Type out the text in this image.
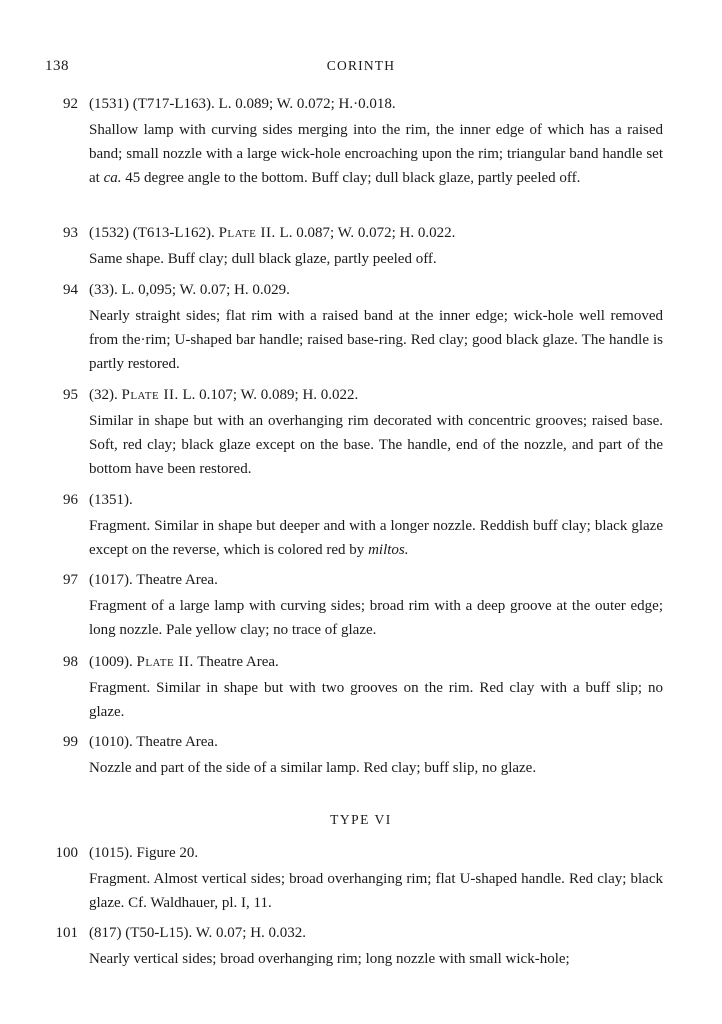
138	CORINTH
92 (1531) (T717-L163). L. 0.089; W. 0.072; H.·0.018.
Shallow lamp with curving sides merging into the rim, the inner edge of which has a raised band; small nozzle with a large wick-hole encroaching upon the rim; triangular band handle set at ca. 45 degree angle to the bottom. Buff clay; dull black glaze, partly peeled off.
93 (1532) (T613-L162). Plate II. L. 0.087; W. 0.072; H. 0.022.
Same shape. Buff clay; dull black glaze, partly peeled off.
94 (33). L. 0,095; W. 0.07; H. 0.029.
Nearly straight sides; flat rim with a raised band at the inner edge; wick-hole well removed from the·rim; U-shaped bar handle; raised base-ring. Red clay; good black glaze. The handle is partly restored.
95 (32). Plate II. L. 0.107; W. 0.089; H. 0.022.
Similar in shape but with an overhanging rim decorated with concentric grooves; raised base. Soft, red clay; black glaze except on the base. The handle, end of the nozzle, and part of the bottom have been restored.
96 (1351).
Fragment. Similar in shape but deeper and with a longer nozzle. Reddish buff clay; black glaze except on the reverse, which is colored red by miltos.
97 (1017). Theatre Area.
Fragment of a large lamp with curving sides; broad rim with a deep groove at the outer edge; long nozzle. Pale yellow clay; no trace of glaze.
98 (1009). Plate II. Theatre Area.
Fragment. Similar in shape but with two grooves on the rim. Red clay with a buff slip; no glaze.
99 (1010). Theatre Area.
Nozzle and part of the side of a similar lamp. Red clay; buff slip, no glaze.
TYPE VI
100 (1015). Figure 20.
Fragment. Almost vertical sides; broad overhanging rim; flat U-shaped handle. Red clay; black glaze. Cf. Waldhauer, pl. I, 11.
101 (817) (T50-L15). W. 0.07; H. 0.032.
Nearly vertical sides; broad overhanging rim; long nozzle with small wick-hole;
